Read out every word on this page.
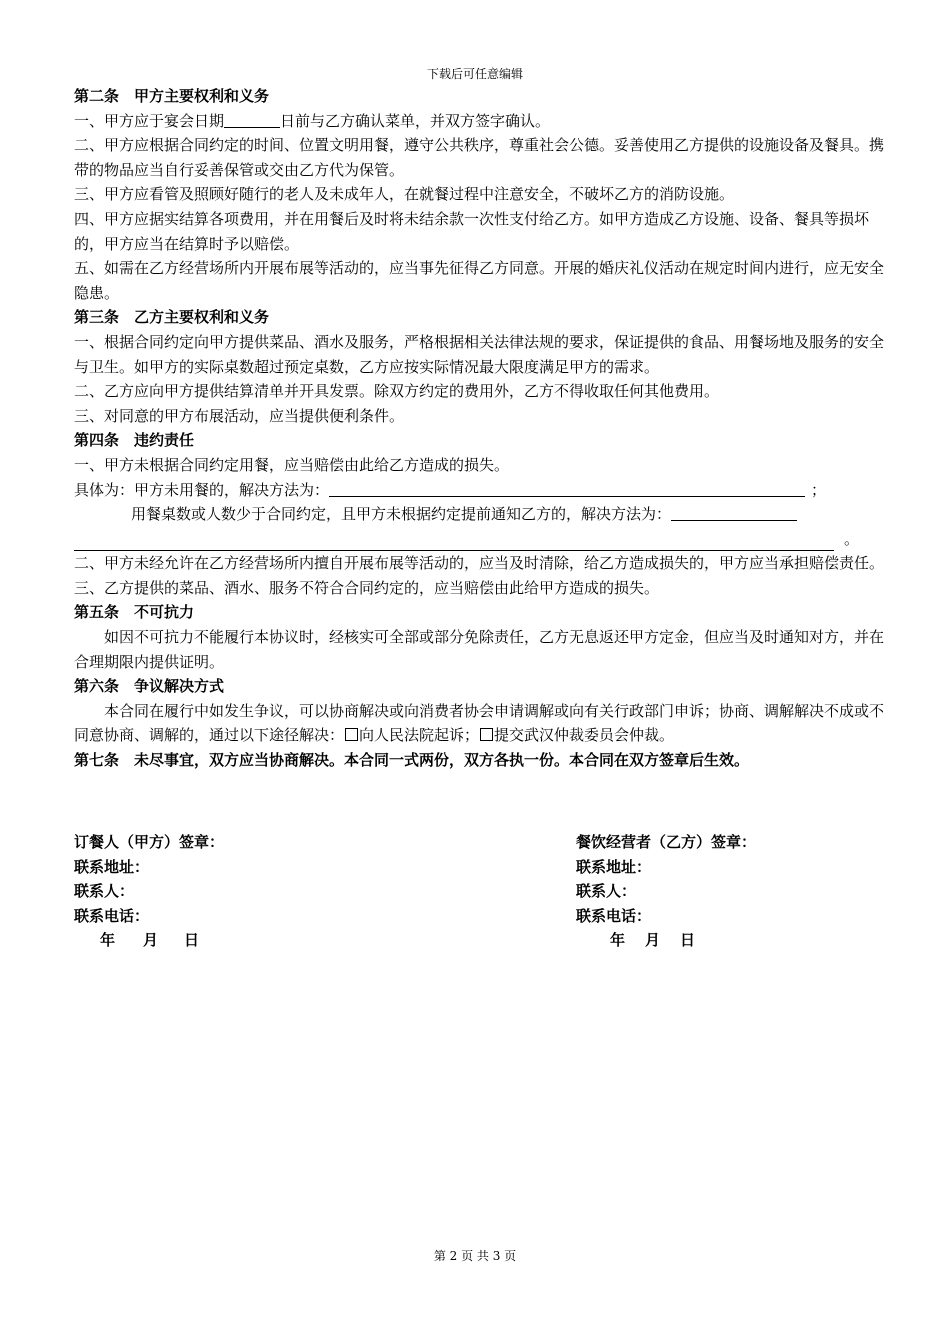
下载后可任意编辑

第二条　甲方主要权利和义务

一、甲方应于宴会日期	日前与乙方确认菜单，并双方签字确认。

二、甲方应根据合同约定的时间、位置文明用餐，遵守公共秩序，尊重社会公德。妥善使用乙方提供的设施设备及餐具。携带的物品应当自行妥善保管或交由乙方代为保管。

三、甲方应看管及照顾好随行的老人及未成年人，在就餐过程中注意安全，不破坏乙方的消防设施。

四、甲方应据实结算各项费用，并在用餐后及时将未结余款一次性支付给乙方。如甲方造成乙方设施、设备、餐具等损坏的，甲方应当在结算时予以赔偿。

五、如需在乙方经营场所内开展布展等活动的，应当事先征得乙方同意。开展的婚庆礼仪活动在规定时间内进行，应无安全隐患。

第三条　乙方主要权利和义务

一、根据合同约定向甲方提供菜品、酒水及服务，严格根据相关法律法规的要求，保证提供的食品、用餐场地及服务的安全与卫生。如甲方的实际桌数超过预定桌数，乙方应按实际情况最大限度满足甲方的需求。

二、乙方应向甲方提供结算清单并开具发票。除双方约定的费用外，乙方不得收取任何其他费用。

三、对同意的甲方布展活动，应当提供便利条件。

第四条　违约责任

一、甲方未根据合同约定用餐，应当赔偿由此给乙方造成的损失。

具体为：甲方未用餐的，解决方法为：	；

用餐桌数或人数少于合同约定，且甲方未根据约定提前通知乙方的，解决方法为：

。

二、甲方未经允许在乙方经营场所内擅自开展布展等活动的，应当及时清除，给乙方造成损失的，甲方应当承担赔偿责任。

三、乙方提供的菜品、酒水、服务不符合合同约定的，应当赔偿由此给甲方造成的损失。

第五条　不可抗力

如因不可抗力不能履行本协议时，经核实可全部或部分免除责任，乙方无息返还甲方定金，但应当及时通知对方，并在合理期限内提供证明。

第六条　争议解决方式

本合同在履行中如发生争议，可以协商解决或向消费者协会申请调解或向有关行政部门申诉；协商、调解解决不成或不同意协商、调解的，通过以下途径解决： 向人民法院起诉； 提交武汉仲裁委员会仲裁。

第七条　未尽事宜，双方应当协商解决。本合同一式两份，双方各执一份。本合同在双方签章后生效。

订餐人（甲方）签章：
联系地址：
联系人：
联系电话：
年 月 日
餐饮经营者（乙方）签章：
联系地址：
联系人：
联系电话：
年 月 日
第 2 页 共 3 页
